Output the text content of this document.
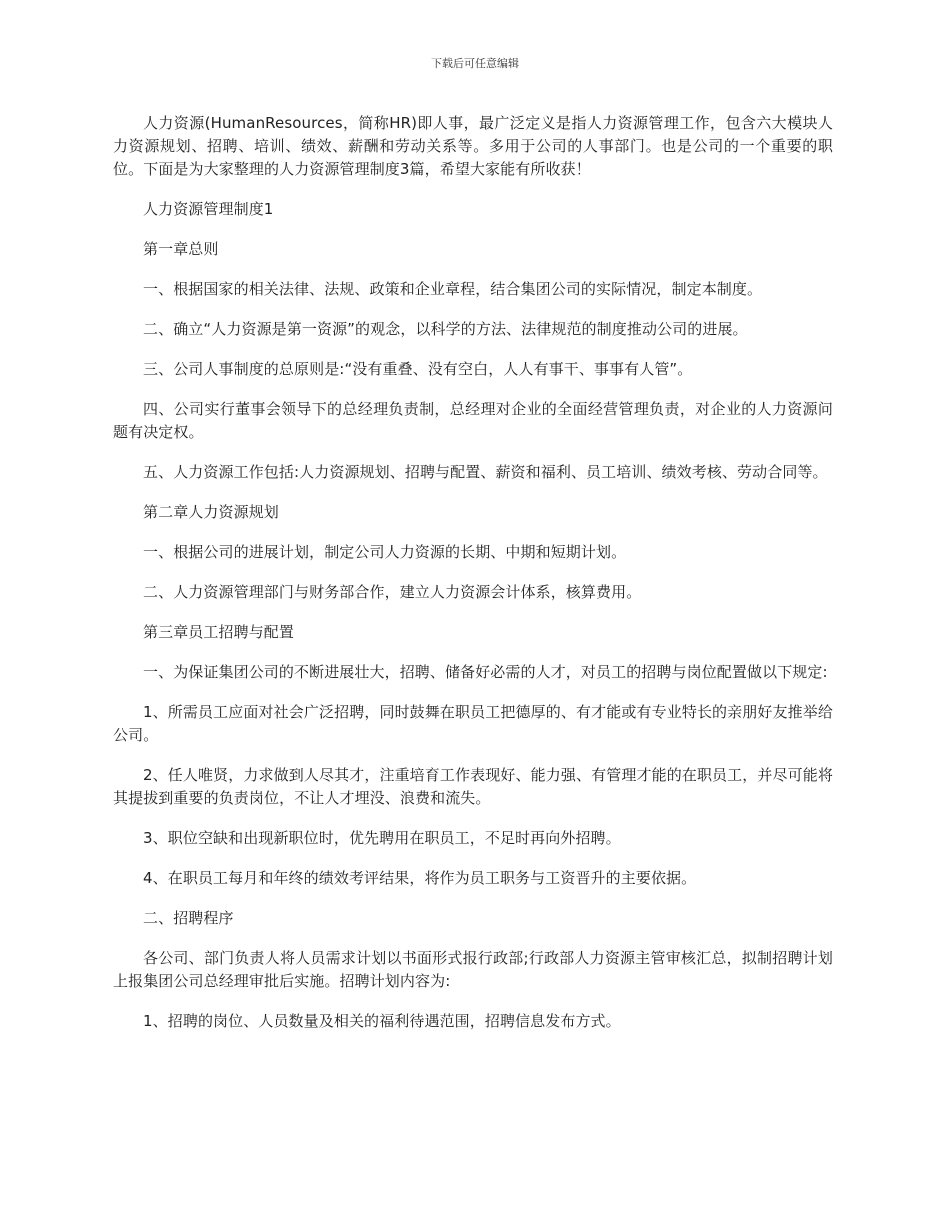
下载后可任意编辑

人力资源(HumanResources，简称HR)即人事，最广泛定义是指人力资源管理工作，包含六大模块人力资源规划、招聘、培训、绩效、薪酬和劳动关系等。多用于公司的人事部门。也是公司的一个重要的职位。下面是为大家整理的人力资源管理制度3篇，希望大家能有所收获！

人力资源管理制度1

第一章总则

一、根据国家的相关法律、法规、政策和企业章程，结合集团公司的实际情况，制定本制度。

二、确立“人力资源是第一资源”的观念，以科学的方法、法律规范的制度推动公司的进展。

三、公司人事制度的总原则是:“没有重叠、没有空白，人人有事干、事事有人管”。

四、公司实行董事会领导下的总经理负责制，总经理对企业的全面经营管理负责，对企业的人力资源问题有决定权。

五、人力资源工作包括:人力资源规划、招聘与配置、薪资和福利、员工培训、绩效考核、劳动合同等。

第二章人力资源规划

一、根据公司的进展计划，制定公司人力资源的长期、中期和短期计划。

二、人力资源管理部门与财务部合作，建立人力资源会计体系，核算费用。

第三章员工招聘与配置

一、为保证集团公司的不断进展壮大，招聘、储备好必需的人才，对员工的招聘与岗位配置做以下规定:

1、所需员工应面对社会广泛招聘，同时鼓舞在职员工把德厚的、有才能或有专业特长的亲朋好友推举给公司。

2、任人唯贤，力求做到人尽其才，注重培育工作表现好、能力强、有管理才能的在职员工，并尽可能将其提拔到重要的负责岗位，不让人才埋没、浪费和流失。

3、职位空缺和出现新职位时，优先聘用在职员工，不足时再向外招聘。

4、在职员工每月和年终的绩效考评结果，将作为员工职务与工资晋升的主要依据。

二、招聘程序

各公司、部门负责人将人员需求计划以书面形式报行政部;行政部人力资源主管审核汇总，拟制招聘计划上报集团公司总经理审批后实施。招聘计划内容为:

1、招聘的岗位、人员数量及相关的福利待遇范围，招聘信息发布方式。
